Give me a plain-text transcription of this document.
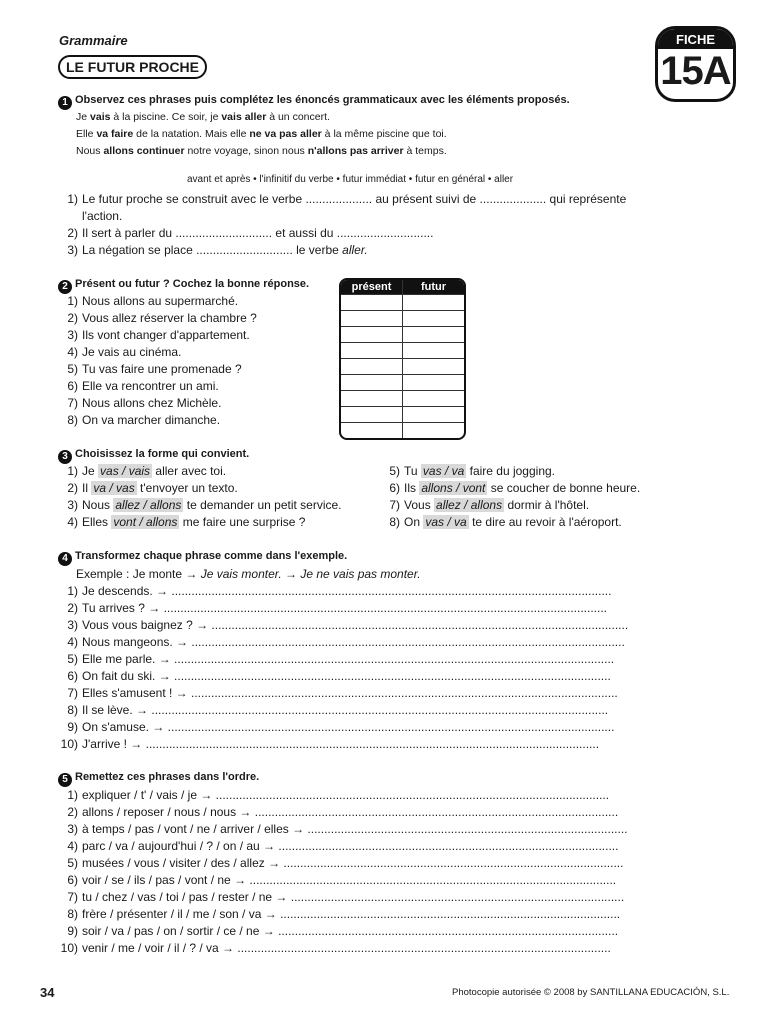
Grammaire
LE FUTUR PROCHE
FICHE
15A
1 Observez ces phrases puis complétez les énoncés grammaticaux avec les éléments proposés.
Je vais à la piscine. Ce soir, je vais aller à un concert.
Elle va faire de la natation. Mais elle ne va pas aller à la même piscine que toi.
Nous allons continuer notre voyage, sinon nous n'allons pas arriver à temps.
avant et après • l'infinitif du verbe • futur immédiat • futur en général • aller
1) Le futur proche se construit avec le verbe .................... au présent suivi de .................... qui représente
l'action.
2) Il sert à parler du ............................. et aussi du .............................
3) La négation se place ............................. le verbe aller.
2 Présent ou futur ? Cochez la bonne réponse.
1) Nous allons au supermarché.
2) Vous allez réserver la chambre ?
3) Ils vont changer d'appartement.
4) Je vais au cinéma.
5) Tu vas faire une promenade ?
6) Elle va rencontrer un ami.
7) Nous allons chez Michèle.
8) On va marcher dimanche.
présent	futur

3 Choisissez la forme qui convient.
1) Je vas / vais aller avec toi.
2) Il va / vas t'envoyer un texto.
3) Nous allez / allons te demander un petit service.
4) Elles vont / allons me faire une surprise ?
5) Tu vas / va faire du jogging.
6) Ils allons / vont se coucher de bonne heure.
7) Vous allez / allons dormir à l'hôtel.
8) On vas / va te dire au revoir à l'aéroport.
4 Transformez chaque phrase comme dans l'exemple.
Exemple : Je monte → Je vais monter. → Je ne vais pas monter.
1) Je descends. → ....................................................................................................................................
2) Tu arrives ? → .....................................................................................................................................
3) Vous vous baignez ? → .............................................................................................................................
4) Nous mangeons. → ..................................................................................................................................
5) Elle me parle. → ....................................................................................................................................
6) On fait du ski. → ...................................................................................................................................
7) Elles s'amusent ! → ................................................................................................................................
8) Il se lève. → .........................................................................................................................................
9) On s'amuse. → ......................................................................................................................................
10) J'arrive ! → ........................................................................................................................................
5 Remettez ces phrases dans l'ordre.
1) expliquer / t' / vais / je → ......................................................................................................................
2) allons / reposer / nous / nous → .............................................................................................................
3) à temps / pas / vont / ne / arriver / elles → ................................................................................................
4) parc / va / aujourd'hui / ? / on / au → ......................................................................................................
5) musées / vous / visiter / des / allez → ......................................................................................................
6) voir / se / ils / pas / vont / ne → ..............................................................................................................
7) tu / chez / vas / toi / pas / rester / ne → ....................................................................................................
8) frère / présenter / il / me / son / va → ......................................................................................................
9) soir / va / pas / on / sortir / ce / ne → ......................................................................................................
10) venir / me / voir / il / ? / va → ................................................................................................................
34	Photocopie autorisée © 2008 by SANTILLANA EDUCACIÓN, S.L.
